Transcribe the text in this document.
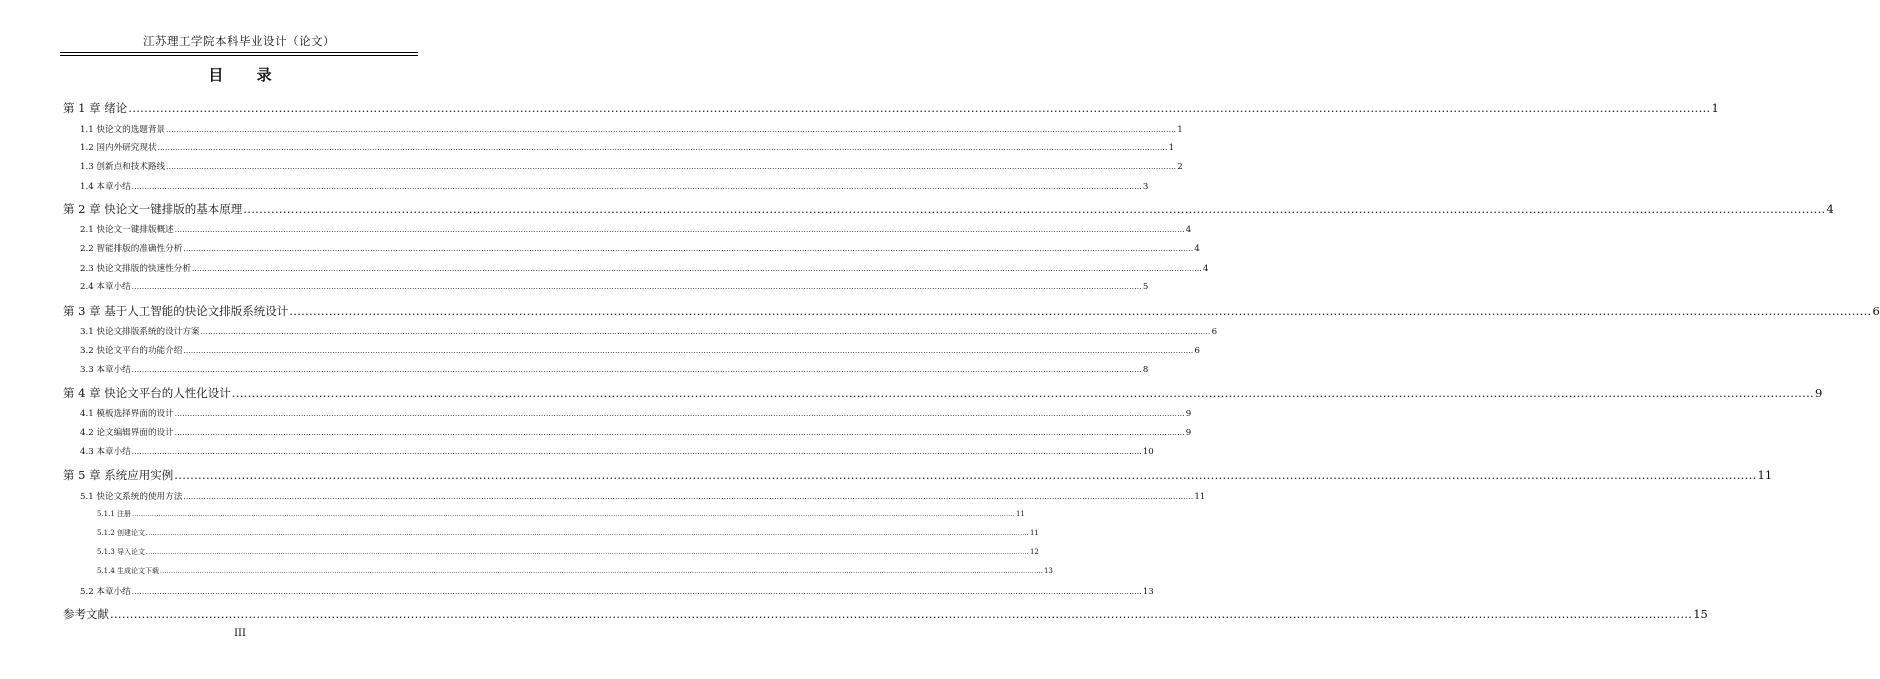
江苏理工学院本科毕业设计（论文）
目 录
第 1 章 绪论 ................................................................................................................................................................................................................................................................................................................................................................................................................ 1
1.1 快论文的选题背景 ................................................................................................................................................................................................................................................................................................................................................................................................................ 1
1.2 国内外研究现状 ................................................................................................................................................................................................................................................................................................................................................................................................................ 1
1.3 创新点和技术路线 ................................................................................................................................................................................................................................................................................................................................................................................................................ 2
1.4 本章小结 ................................................................................................................................................................................................................................................................................................................................................................................................................ 3
第 2 章 快论文一键排版的基本原理 ................................................................................................................................................................................................................................................................................................................................................................................................................ 4
2.1 快论文一键排版概述 ................................................................................................................................................................................................................................................................................................................................................................................................................ 4
2.2 智能排版的准确性分析 ................................................................................................................................................................................................................................................................................................................................................................................................................ 4
2.3 快论文排版的快速性分析 ................................................................................................................................................................................................................................................................................................................................................................................................................ 4
2.4 本章小结 ................................................................................................................................................................................................................................................................................................................................................................................................................ 5
第 3 章 基于人工智能的快论文排版系统设计 ................................................................................................................................................................................................................................................................................................................................................................................................................ 6
3.1 快论文排版系统的设计方案 ................................................................................................................................................................................................................................................................................................................................................................................................................ 6
3.2 快论文平台的功能介绍 ................................................................................................................................................................................................................................................................................................................................................................................................................ 6
3.3 本章小结 ................................................................................................................................................................................................................................................................................................................................................................................................................ 8
第 4 章 快论文平台的人性化设计 ................................................................................................................................................................................................................................................................................................................................................................................................................ 9
4.1 模板选择界面的设计 ................................................................................................................................................................................................................................................................................................................................................................................................................ 9
4.2 论文编辑界面的设计 ................................................................................................................................................................................................................................................................................................................................................................................................................ 9
4.3 本章小结 ................................................................................................................................................................................................................................................................................................................................................................................................................ 10
第 5 章 系统应用实例 ................................................................................................................................................................................................................................................................................................................................................................................................................ 11
5.1 快论文系统的使用方法 ................................................................................................................................................................................................................................................................................................................................................................................................................ 11
5.1.1 注册 ................................................................................................................................................................................................................................................................................................................................................................................................................ 11
5.1.2 创建论文 ................................................................................................................................................................................................................................................................................................................................................................................................................ 11
5.1.3 导入论文 ................................................................................................................................................................................................................................................................................................................................................................................................................ 12
5.1.4 生成论文下载 ................................................................................................................................................................................................................................................................................................................................................................................................................ 13
5.2 本章小结 ................................................................................................................................................................................................................................................................................................................................................................................................................ 13
参考文献 ................................................................................................................................................................................................................................................................................................................................................................................................................ 15
III
